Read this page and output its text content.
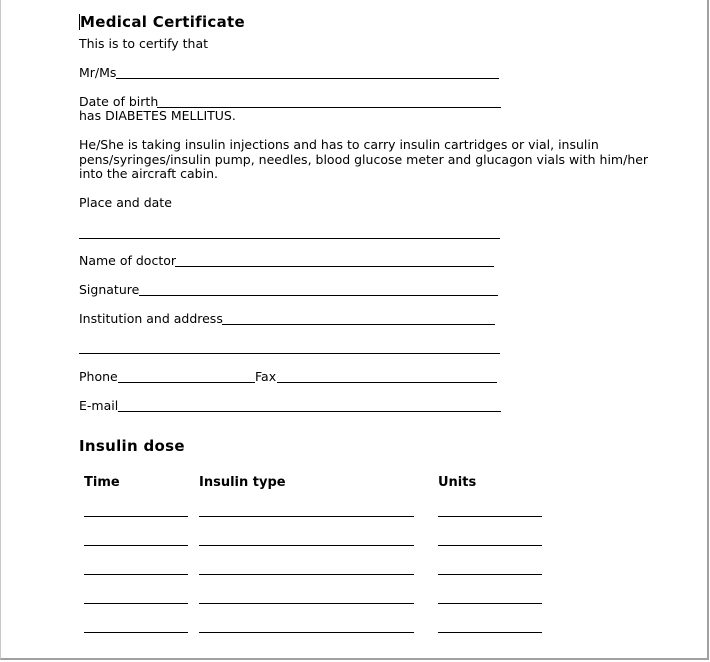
Medical Certificate
This is to certify that
Mr/Ms
Date of birth
has DIABETES MELLITUS.
He/She is taking insulin injections and has to carry insulin cartridges or vial, insulin pens/syringes/insulin pump, needles, blood glucose meter and glucagon vials with him/her into the aircraft cabin.
Place and date
Name of doctor
Signature
Institution and address
Phone	Fax
E-mail
Insulin dose
Time	Insulin type	Units
